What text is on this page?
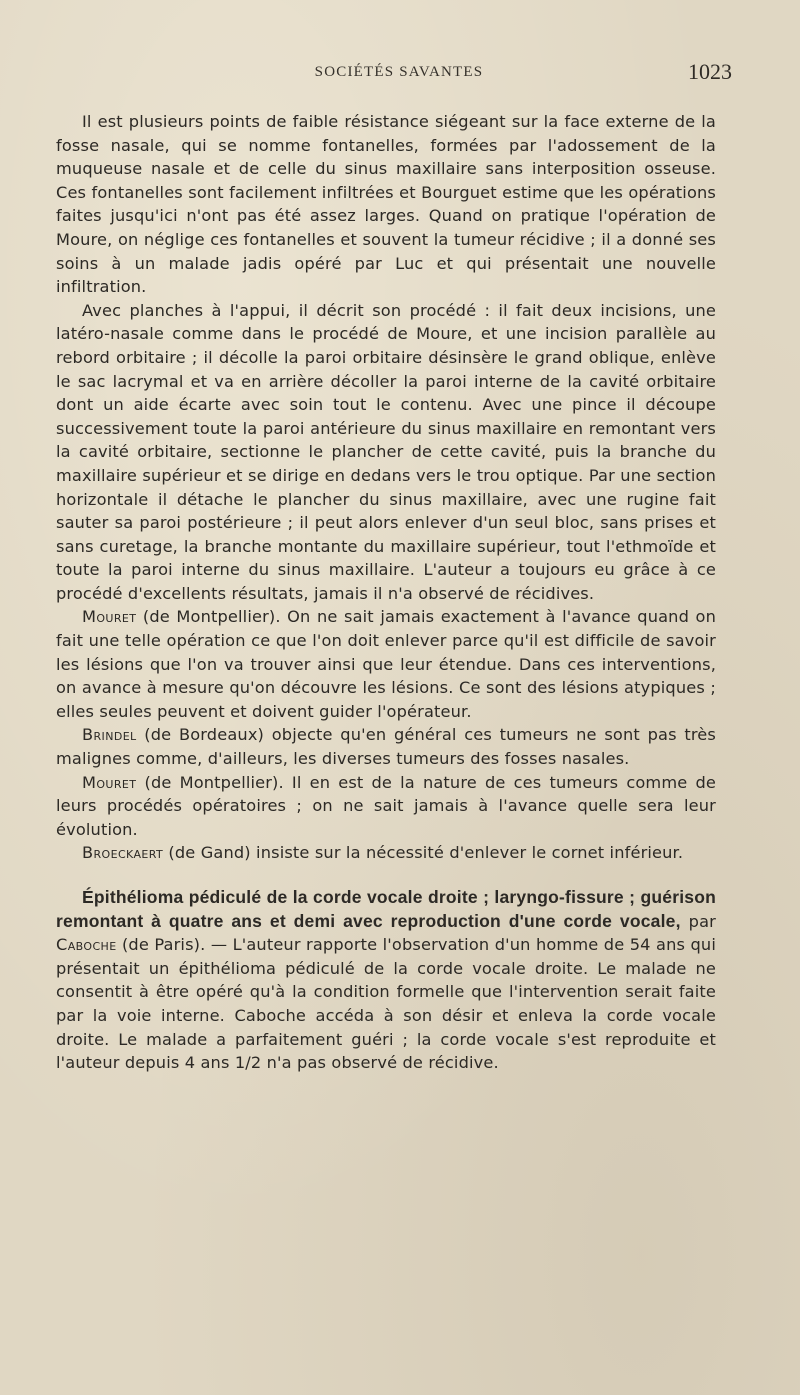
SOCIÉTÉS SAVANTES	1023

Il est plusieurs points de faible résistance siégeant sur la face externe de la fosse nasale, qui se nomme fontanelles, formées par l'adossement de la muqueuse nasale et de celle du sinus maxillaire sans interposition osseuse. Ces fontanelles sont facilement infiltrées et Bourguet estime que les opérations faites jusqu'ici n'ont pas été assez larges. Quand on pratique l'opération de Moure, on néglige ces fontanelles et souvent la tumeur récidive ; il a donné ses soins à un malade jadis opéré par Luc et qui présentait une nouvelle infiltration.

Avec planches à l'appui, il décrit son procédé : il fait deux incisions, une latéro-nasale comme dans le procédé de Moure, et une incision parallèle au rebord orbitaire ; il décolle la paroi orbitaire désinsère le grand oblique, enlève le sac lacrymal et va en arrière décoller la paroi interne de la cavité orbitaire dont un aide écarte avec soin tout le contenu. Avec une pince il découpe successivement toute la paroi antérieure du sinus maxillaire en remontant vers la cavité orbitaire, sectionne le plancher de cette cavité, puis la branche du maxillaire supérieur et se dirige en dedans vers le trou optique. Par une section horizontale il détache le plancher du sinus maxillaire, avec une rugine fait sauter sa paroi postérieure ; il peut alors enlever d'un seul bloc, sans prises et sans curetage, la branche montante du maxillaire supérieur, tout l'ethmoïde et toute la paroi interne du sinus maxillaire. L'auteur a toujours eu grâce à ce procédé d'excellents résultats, jamais il n'a observé de récidives.

Mouret (de Montpellier). On ne sait jamais exactement à l'avance quand on fait une telle opération ce que l'on doit enlever parce qu'il est difficile de savoir les lésions que l'on va trouver ainsi que leur étendue. Dans ces interventions, on avance à mesure qu'on découvre les lésions. Ce sont des lésions atypiques ; elles seules peuvent et doivent guider l'opérateur.

Brindel (de Bordeaux) objecte qu'en général ces tumeurs ne sont pas très malignes comme, d'ailleurs, les diverses tumeurs des fosses nasales.

Mouret (de Montpellier). Il en est de la nature de ces tumeurs comme de leurs procédés opératoires ; on ne sait jamais à l'avance quelle sera leur évolution.

Broeckaert (de Gand) insiste sur la nécessité d'enlever le cornet inférieur.

Épithélioma pédiculé de la corde vocale droite ; laryngo-fissure ; guérison remontant à quatre ans et demi avec reproduction d'une corde vocale, par Caboche (de Paris). — L'auteur rapporte l'observation d'un homme de 54 ans qui présentait un épithélioma pédiculé de la corde vocale droite. Le malade ne consentit à être opéré qu'à la condition formelle que l'intervention serait faite par la voie interne. Caboche accéda à son désir et enleva la corde vocale droite. Le malade a parfaitement guéri ; la corde vocale s'est reproduite et l'auteur depuis 4 ans 1/2 n'a pas observé de récidive.
